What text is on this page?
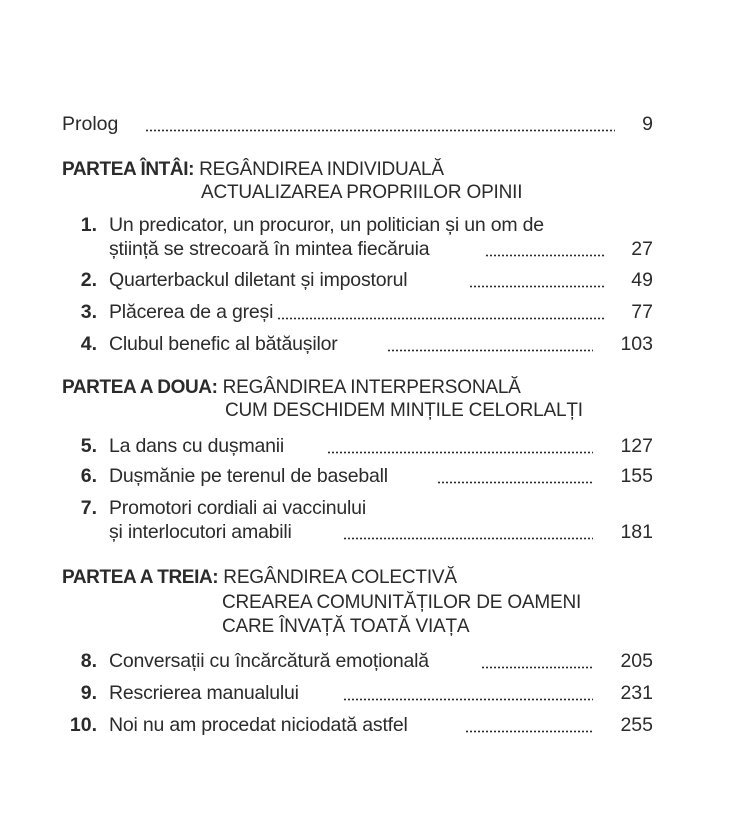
Prolog	9
PARTEA ÎNTÂI: REGÂNDIREA INDIVIDUALĂ
ACTUALIZAREA PROPRIILOR OPINII
1. Un predicator, un procuror, un politician și un om de
știință se strecoară în mintea fiecăruia	27
2. Quarterbackul diletant și impostorul	49
3. Plăcerea de a greși	77
4. Clubul benefic al bătăușilor	103
PARTEA A DOUA: REGÂNDIREA INTERPERSONALĂ
CUM DESCHIDEM MINȚILE CELORLALȚI
5. La dans cu dușmanii	127
6. Dușmănie pe terenul de baseball	155
7. Promotori cordiali ai vaccinului
și interlocutori amabili	181
PARTEA A TREIA: REGÂNDIREA COLECTIVĂ
CREAREA COMUNITĂȚILOR DE OAMENI
CARE ÎNVAȚĂ TOATĂ VIAȚA
8. Conversații cu încărcătură emoțională	205
9. Rescrierea manualului	231
10. Noi nu am procedat niciodată astfel	255
